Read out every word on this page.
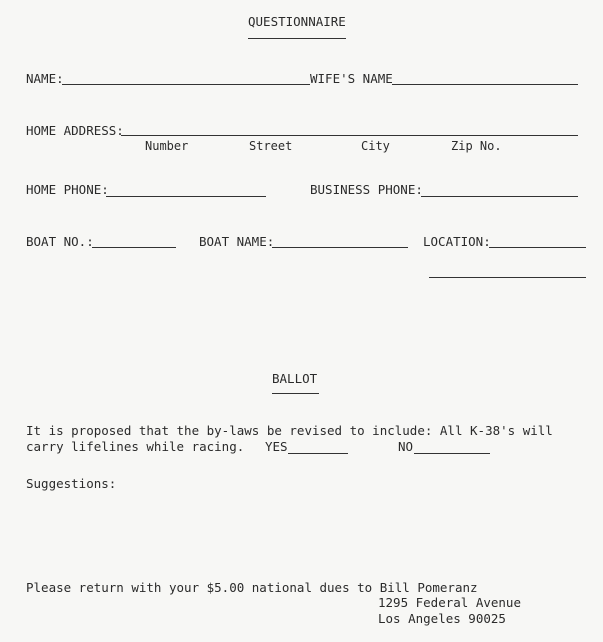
QUESTIONNAIRE
NAME:	WIFE'S NAME
HOME ADDRESS:
Number	Street	City	Zip No.
HOME PHONE:	BUSINESS PHONE:
BOAT NO.:	BOAT NAME:	LOCATION:
BALLOT
It is proposed that the by-laws be revised to include: All K-38's will
carry lifelines while racing. YES	NO
Suggestions:
Please return with your $5.00 national dues to Bill Pomeranz
1295 Federal Avenue
Los Angeles 90025
